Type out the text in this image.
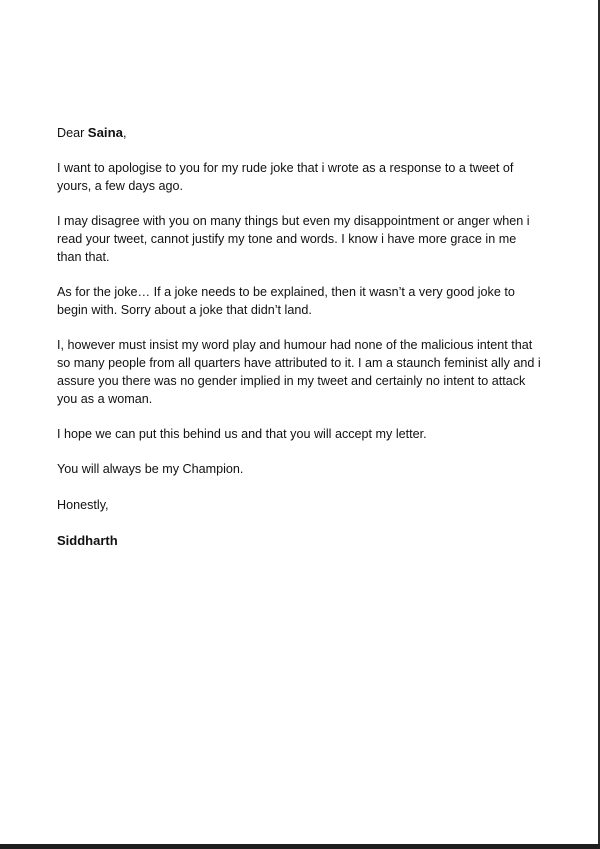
Dear Saina,

I want to apologise to you for my rude joke that i wrote as a response to a tweet of yours, a few days ago.

I may disagree with you on many things but even my disappointment or anger when i read your tweet, cannot justify my tone and words. I know i have more grace in me than that.

As for the joke… If a joke needs to be explained, then it wasn’t a very good joke to begin with. Sorry about a joke that didn’t land.

I, however must insist my word play and humour had none of the malicious intent that so many people from all quarters have attributed to it. I am a staunch feminist ally and i assure you there was no gender implied in my tweet and certainly no intent to attack you as a woman.

I hope we can put this behind us and that you will accept my letter.

You will always be my Champion.

Honestly,

Siddharth
